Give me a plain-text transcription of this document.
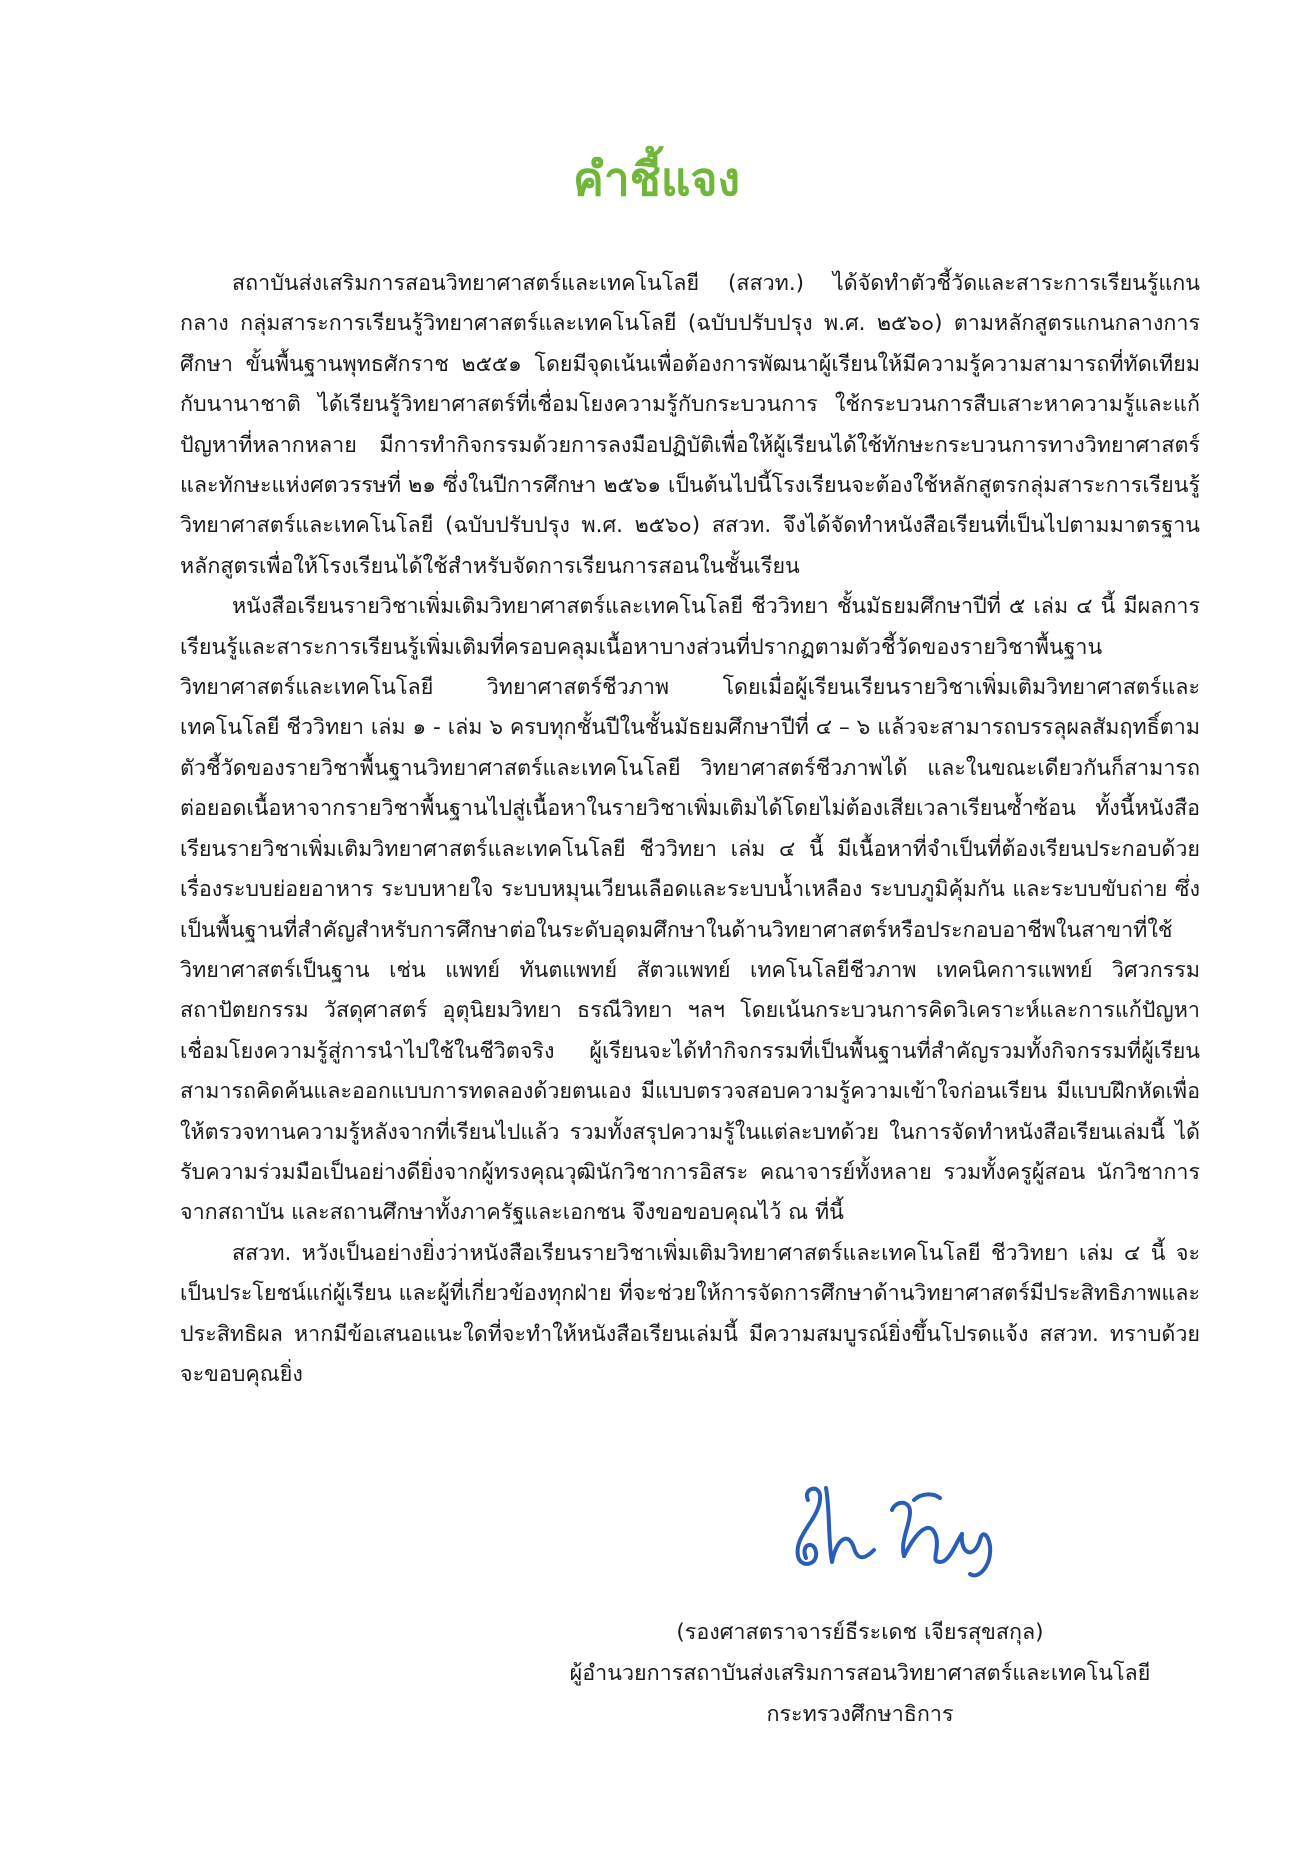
คำชี้แจง

สถาบันส่งเสริมการสอนวิทยาศาสตร์และเทคโนโลยี (สสวท.) ได้จัดทำตัวชี้วัดและสาระการเรียนรู้แกนกลาง กลุ่มสาระการเรียนรู้วิทยาศาสตร์และเทคโนโลยี (ฉบับปรับปรุง พ.ศ. ๒๕๖๐) ตามหลักสูตรแกนกลางการศึกษา ขั้นพื้นฐานพุทธศักราช ๒๕๕๑ โดยมีจุดเน้นเพื่อต้องการพัฒนาผู้เรียนให้มีความรู้ความสามารถที่ทัดเทียมกับนานาชาติ ได้เรียนรู้วิทยาศาสตร์ที่เชื่อมโยงความรู้กับกระบวนการ ใช้กระบวนการสืบเสาะหาความรู้และแก้ปัญหาที่หลากหลาย มีการทำกิจกรรมด้วยการลงมือปฏิบัติเพื่อให้ผู้เรียนได้ใช้ทักษะกระบวนการทางวิทยาศาสตร์และทักษะแห่งศตวรรษที่ ๒๑ ซึ่งในปีการศึกษา ๒๕๖๑ เป็นต้นไปนี้โรงเรียนจะต้องใช้หลักสูตรกลุ่มสาระการเรียนรู้วิทยาศาสตร์และเทคโนโลยี (ฉบับปรับปรุง พ.ศ. ๒๕๖๐) สสวท. จึงได้จัดทำหนังสือเรียนที่เป็นไปตามมาตรฐานหลักสูตรเพื่อให้โรงเรียนได้ใช้สำหรับจัดการเรียนการสอนในชั้นเรียน

หนังสือเรียนรายวิชาเพิ่มเติมวิทยาศาสตร์และเทคโนโลยี ชีววิทยา ชั้นมัธยมศึกษาปีที่ ๕ เล่ม ๔ นี้ มีผลการเรียนรู้และสาระการเรียนรู้เพิ่มเติมที่ครอบคลุมเนื้อหาบางส่วนที่ปรากฏตามตัวชี้วัดของรายวิชาพื้นฐานวิทยาศาสตร์และเทคโนโลยี วิทยาศาสตร์ชีวภาพ โดยเมื่อผู้เรียนเรียนรายวิชาเพิ่มเติมวิทยาศาสตร์และเทคโนโลยี ชีววิทยา เล่ม ๑ - เล่ม ๖ ครบทุกชั้นปีในชั้นมัธยมศึกษาปีที่ ๔ – ๖ แล้วจะสามารถบรรลุผลสัมฤทธิ์ตามตัวชี้วัดของรายวิชาพื้นฐานวิทยาศาสตร์และเทคโนโลยี วิทยาศาสตร์ชีวภาพได้ และในขณะเดียวกันก็สามารถต่อยอดเนื้อหาจากรายวิชาพื้นฐานไปสู่เนื้อหาในรายวิชาเพิ่มเติมได้โดยไม่ต้องเสียเวลาเรียนซ้ำซ้อน ทั้งนี้หนังสือเรียนรายวิชาเพิ่มเติมวิทยาศาสตร์และเทคโนโลยี ชีววิทยา เล่ม ๔ นี้ มีเนื้อหาที่จำเป็นที่ต้องเรียนประกอบด้วยเรื่องระบบย่อยอาหาร ระบบหายใจ ระบบหมุนเวียนเลือดและระบบน้ำเหลือง ระบบภูมิคุ้มกัน และระบบขับถ่าย ซึ่งเป็นพื้นฐานที่สำคัญสำหรับการศึกษาต่อในระดับอุดมศึกษาในด้านวิทยาศาสตร์หรือประกอบอาชีพในสาขาที่ใช้วิทยาศาสตร์เป็นฐาน เช่น แพทย์ ทันตแพทย์ สัตวแพทย์ เทคโนโลยีชีวภาพ เทคนิคการแพทย์ วิศวกรรม สถาปัตยกรรม วัสดุศาสตร์ อุตุนิยมวิทยา ธรณีวิทยา ฯลฯ โดยเน้นกระบวนการคิดวิเคราะห์และการแก้ปัญหา เชื่อมโยงความรู้สู่การนำไปใช้ในชีวิตจริง ผู้เรียนจะได้ทำกิจกรรมที่เป็นพื้นฐานที่สำคัญรวมทั้งกิจกรรมที่ผู้เรียนสามารถคิดค้นและออกแบบการทดลองด้วยตนเอง มีแบบตรวจสอบความรู้ความเข้าใจก่อนเรียน มีแบบฝึกหัดเพื่อให้ตรวจทานความรู้หลังจากที่เรียนไปแล้ว รวมทั้งสรุปความรู้ในแต่ละบทด้วย ในการจัดทำหนังสือเรียนเล่มนี้ ได้รับความร่วมมือเป็นอย่างดียิ่งจากผู้ทรงคุณวุฒินักวิชาการอิสระ คณาจารย์ทั้งหลาย รวมทั้งครูผู้สอน นักวิชาการ จากสถาบัน และสถานศึกษาทั้งภาครัฐและเอกชน จึงขอขอบคุณไว้ ณ ที่นี้

สสวท. หวังเป็นอย่างยิ่งว่าหนังสือเรียนรายวิชาเพิ่มเติมวิทยาศาสตร์และเทคโนโลยี ชีววิทยา เล่ม ๔ นี้ จะเป็นประโยชน์แก่ผู้เรียน และผู้ที่เกี่ยวข้องทุกฝ่าย ที่จะช่วยให้การจัดการศึกษาด้านวิทยาศาสตร์มีประสิทธิภาพและประสิทธิผล หากมีข้อเสนอแนะใดที่จะทำให้หนังสือเรียนเล่มนี้ มีความสมบูรณ์ยิ่งขึ้นโปรดแจ้ง สสวท. ทราบด้วย จะขอบคุณยิ่ง

(รองศาสตราจารย์ธีระเดช เจียรสุขสกุล)
ผู้อำนวยการสถาบันส่งเสริมการสอนวิทยาศาสตร์และเทคโนโลยี
กระทรวงศึกษาธิการ
